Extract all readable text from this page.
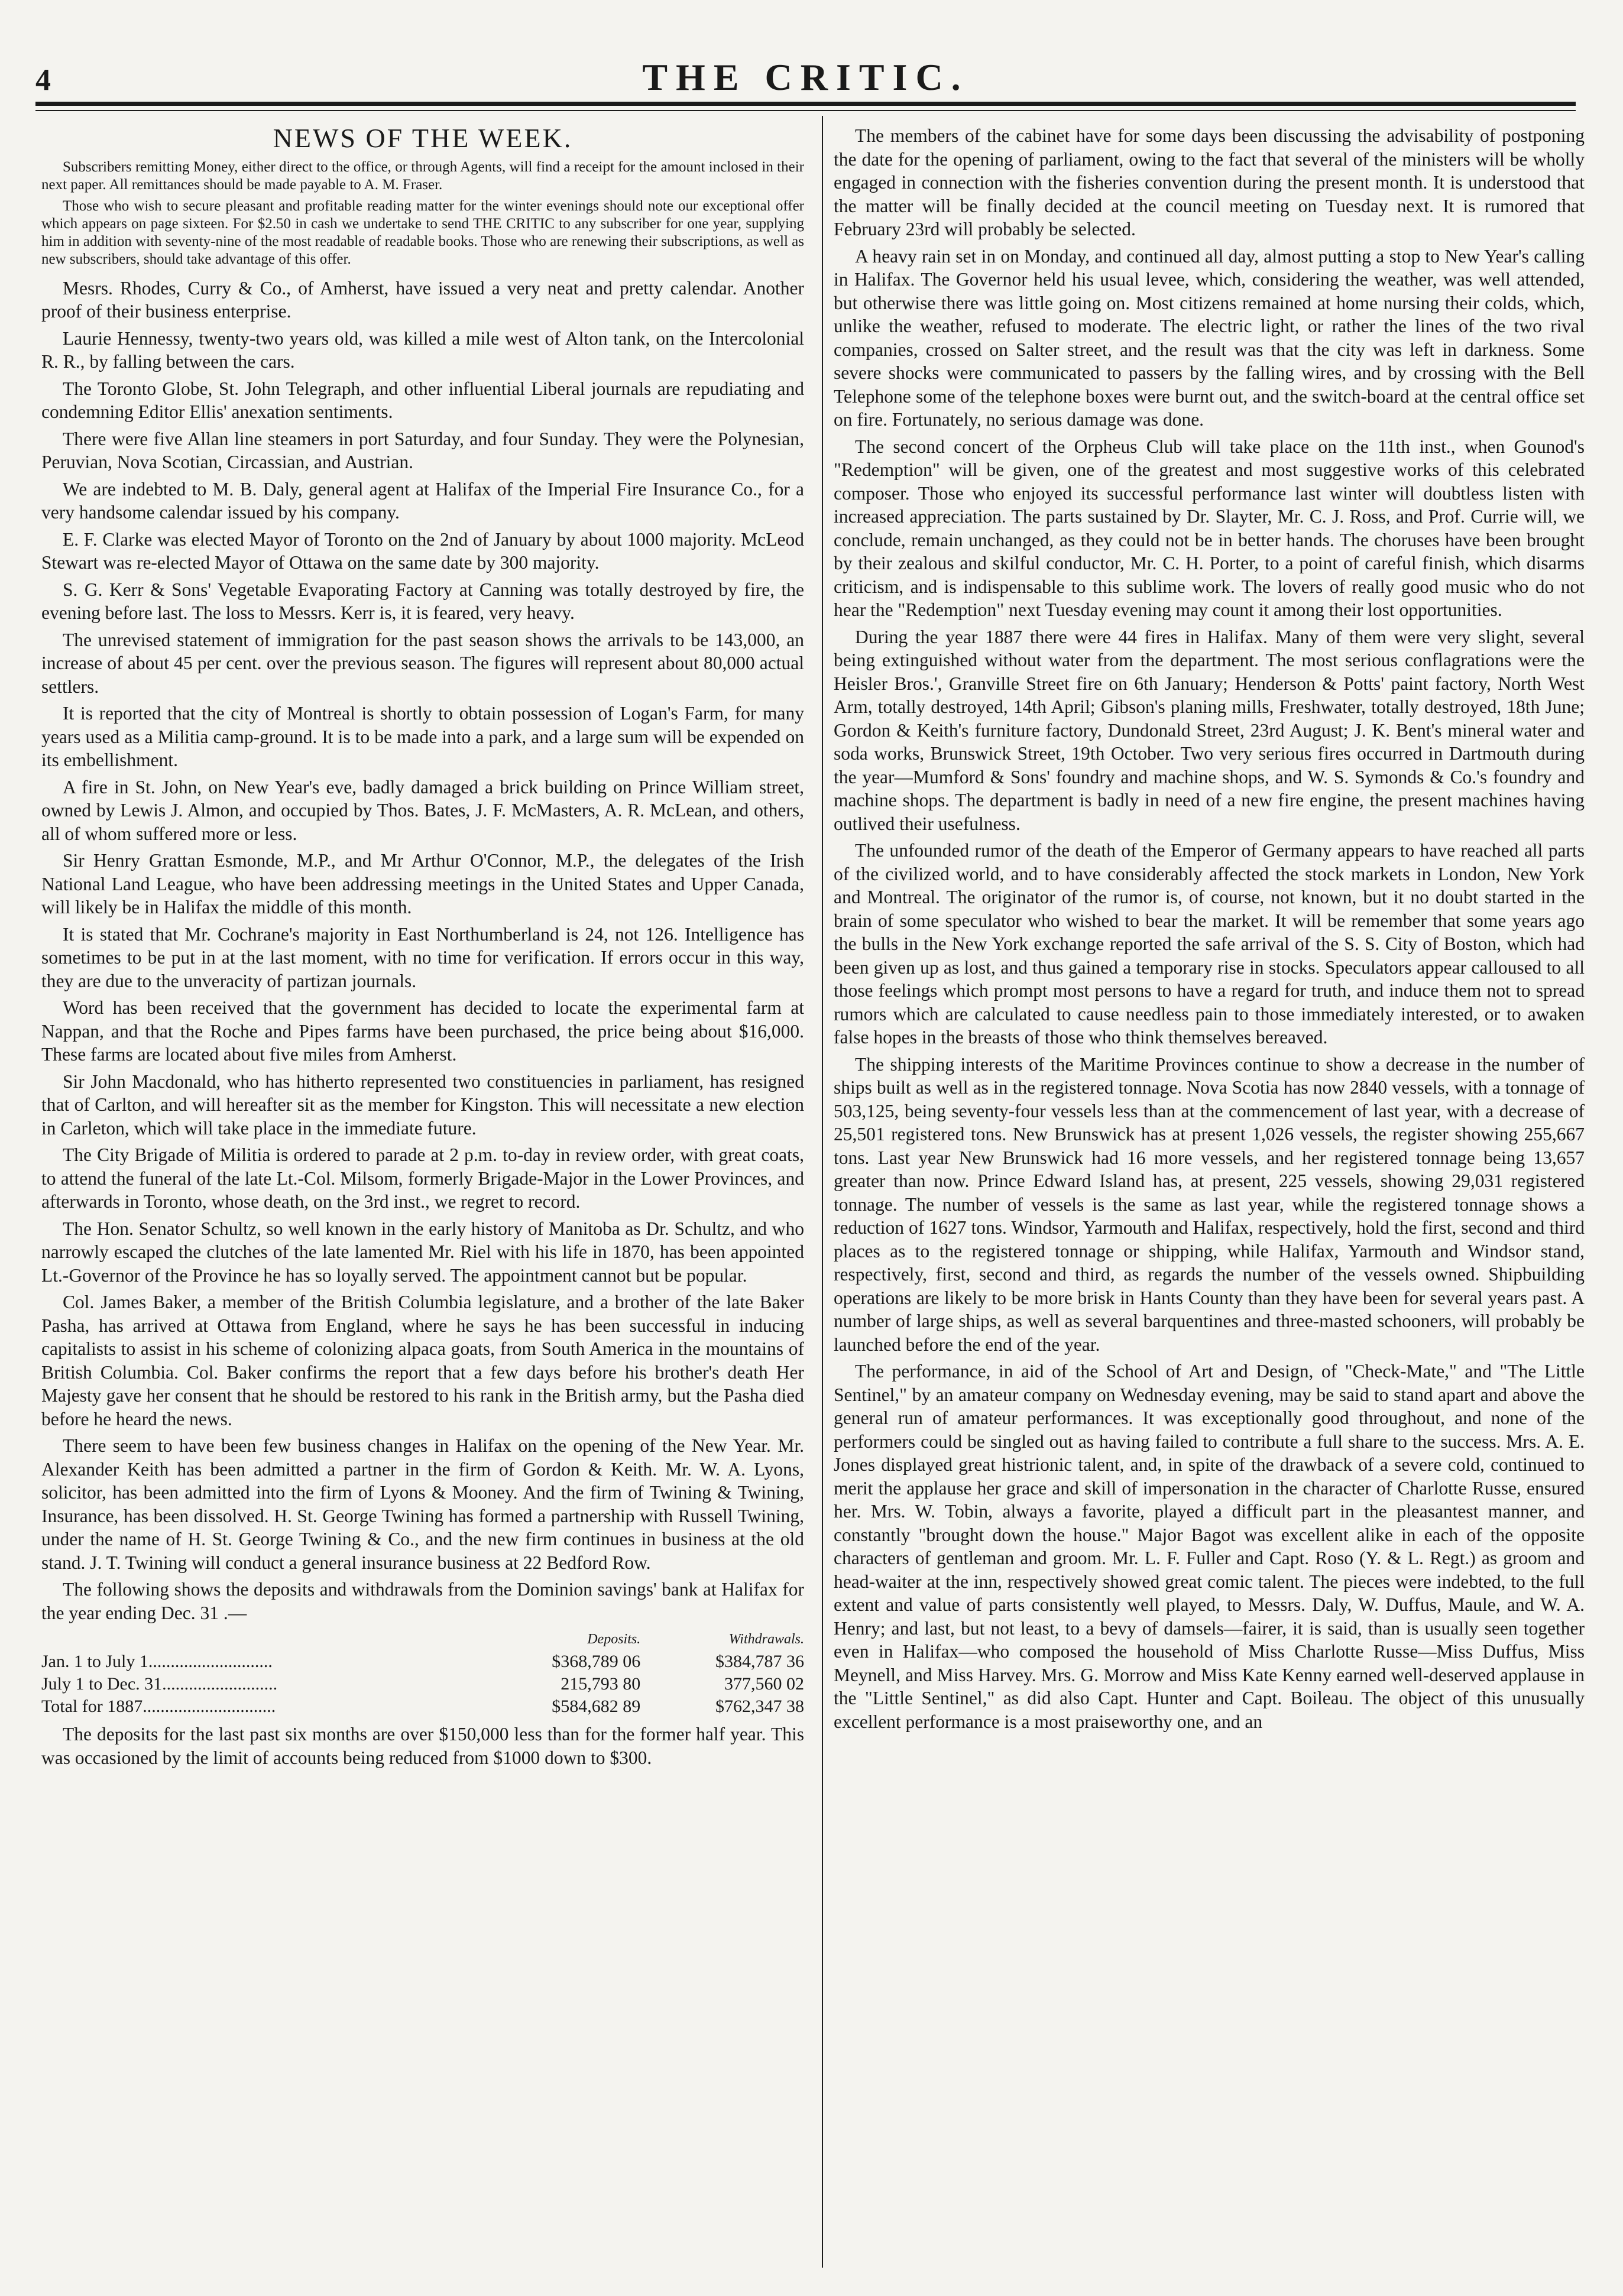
4	THE CRITIC.
NEWS OF THE WEEK.

Subscribers remitting Money, either direct to the office, or through Agents, will find a receipt for the amount inclosed in their next paper. All remittances should be made payable to A. M. Fraser.

Those who wish to secure pleasant and profitable reading matter for the winter evenings should note our exceptional offer which appears on page sixteen. For $2.50 in cash we undertake to send THE CRITIC to any subscriber for one year, supplying him in addition with seventy-nine of the most readable of readable books. Those who are renewing their subscriptions, as well as new subscribers, should take advantage of this offer.

Mesrs. Rhodes, Curry & Co., of Amherst, have issued a very neat and pretty calendar. Another proof of their business enterprise.

Laurie Hennessy, twenty-two years old, was killed a mile west of Alton tank, on the Intercolonial R. R., by falling between the cars.

The Toronto Globe, St. John Telegraph, and other influential Liberal journals are repudiating and condemning Editor Ellis' anexation sentiments.

There were five Allan line steamers in port Saturday, and four Sunday. They were the Polynesian, Peruvian, Nova Scotian, Circassian, and Austrian.

We are indebted to M. B. Daly, general agent at Halifax of the Imperial Fire Insurance Co., for a very handsome calendar issued by his company.

E. F. Clarke was elected Mayor of Toronto on the 2nd of January by about 1000 majority. McLeod Stewart was re-elected Mayor of Ottawa on the same date by 300 majority.

S. G. Kerr & Sons' Vegetable Evaporating Factory at Canning was totally destroyed by fire, the evening before last. The loss to Messrs. Kerr is, it is feared, very heavy.

The unrevised statement of immigration for the past season shows the arrivals to be 143,000, an increase of about 45 per cent. over the previous season. The figures will represent about 80,000 actual settlers.

It is reported that the city of Montreal is shortly to obtain possession of Logan's Farm, for many years used as a Militia camp-ground. It is to be made into a park, and a large sum will be expended on its embellishment.

A fire in St. John, on New Year's eve, badly damaged a brick building on Prince William street, owned by Lewis J. Almon, and occupied by Thos. Bates, J. F. McMasters, A. R. McLean, and others, all of whom suffered more or less.

Sir Henry Grattan Esmonde, M.P., and Mr Arthur O'Connor, M.P., the delegates of the Irish National Land League, who have been addressing meetings in the United States and Upper Canada, will likely be in Halifax the middle of this month.

It is stated that Mr. Cochrane's majority in East Northumberland is 24, not 126. Intelligence has sometimes to be put in at the last moment, with no time for verification. If errors occur in this way, they are due to the unveracity of partizan journals.

Word has been received that the government has decided to locate the experimental farm at Nappan, and that the Roche and Pipes farms have been purchased, the price being about $16,000. These farms are located about five miles from Amherst.

Sir John Macdonald, who has hitherto represented two constituencies in parliament, has resigned that of Carlton, and will hereafter sit as the member for Kingston. This will necessitate a new election in Carleton, which will take place in the immediate future.

The City Brigade of Militia is ordered to parade at 2 p.m. to-day in review order, with great coats, to attend the funeral of the late Lt.-Col. Milsom, formerly Brigade-Major in the Lower Provinces, and afterwards in Toronto, whose death, on the 3rd inst., we regret to record.

The Hon. Senator Schultz, so well known in the early history of Manitoba as Dr. Schultz, and who narrowly escaped the clutches of the late lamented Mr. Riel with his life in 1870, has been appointed Lt.-Governor of the Province he has so loyally served. The appointment cannot but be popular.

Col. James Baker, a member of the British Columbia legislature, and a brother of the late Baker Pasha, has arrived at Ottawa from England, where he says he has been successful in inducing capitalists to assist in his scheme of colonizing alpaca goats, from South America in the mountains of British Columbia. Col. Baker confirms the report that a few days before his brother's death Her Majesty gave her consent that he should be restored to his rank in the British army, but the Pasha died before he heard the news.

There seem to have been few business changes in Halifax on the opening of the New Year. Mr. Alexander Keith has been admitted a partner in the firm of Gordon & Keith. Mr. W. A. Lyons, solicitor, has been admitted into the firm of Lyons & Mooney. And the firm of Twining & Twining, Insurance, has been dissolved. H. St. George Twining has formed a partnership with Russell Twining, under the name of H. St. George Twining & Co., and the new firm continues in business at the old stand. J. T. Twining will conduct a general insurance business at 22 Bedford Row.

The following shows the deposits and withdrawals from the Dominion savings' bank at Halifax for the year ending Dec. 31 .—

	Deposits.	Withdrawals.
Jan. 1 to July 1............................	$368,789 06	$384,787 36
July 1 to Dec. 31..........................	215,793 80	377,560 02
Total for 1887..............................	$584,682 89	$762,347 38

The deposits for the last past six months are over $150,000 less than for the former half year. This was occasioned by the limit of accounts being reduced from $1000 down to $300.

The members of the cabinet have for some days been discussing the advisability of postponing the date for the opening of parliament, owing to the fact that several of the ministers will be wholly engaged in connection with the fisheries convention during the present month. It is understood that the matter will be finally decided at the council meeting on Tuesday next. It is rumored that February 23rd will probably be selected.

A heavy rain set in on Monday, and continued all day, almost putting a stop to New Year's calling in Halifax. The Governor held his usual levee, which, considering the weather, was well attended, but otherwise there was little going on. Most citizens remained at home nursing their colds, which, unlike the weather, refused to moderate. The electric light, or rather the lines of the two rival companies, crossed on Salter street, and the result was that the city was left in darkness. Some severe shocks were communicated to passers by the falling wires, and by crossing with the Bell Telephone some of the telephone boxes were burnt out, and the switch-board at the central office set on fire. Fortunately, no serious damage was done.

The second concert of the Orpheus Club will take place on the 11th inst., when Gounod's "Redemption" will be given, one of the greatest and most suggestive works of this celebrated composer. Those who enjoyed its successful performance last winter will doubtless listen with increased appreciation. The parts sustained by Dr. Slayter, Mr. C. J. Ross, and Prof. Currie will, we conclude, remain unchanged, as they could not be in better hands. The choruses have been brought by their zealous and skilful conductor, Mr. C. H. Porter, to a point of careful finish, which disarms criticism, and is indispensable to this sublime work. The lovers of really good music who do not hear the "Redemption" next Tuesday evening may count it among their lost opportunities.

During the year 1887 there were 44 fires in Halifax. Many of them were very slight, several being extinguished without water from the department. The most serious conflagrations were the Heisler Bros.', Granville Street fire on 6th January; Henderson & Potts' paint factory, North West Arm, totally destroyed, 14th April; Gibson's planing mills, Freshwater, totally destroyed, 18th June; Gordon & Keith's furniture factory, Dundonald Street, 23rd August; J. K. Bent's mineral water and soda works, Brunswick Street, 19th October. Two very serious fires occurred in Dartmouth during the year—Mumford & Sons' foundry and machine shops, and W. S. Symonds & Co.'s foundry and machine shops. The department is badly in need of a new fire engine, the present machines having outlived their usefulness.

The unfounded rumor of the death of the Emperor of Germany appears to have reached all parts of the civilized world, and to have considerably affected the stock markets in London, New York and Montreal. The originator of the rumor is, of course, not known, but it no doubt started in the brain of some speculator who wished to bear the market. It will be remember that some years ago the bulls in the New York exchange reported the safe arrival of the S. S. City of Boston, which had been given up as lost, and thus gained a temporary rise in stocks. Speculators appear calloused to all those feelings which prompt most persons to have a regard for truth, and induce them not to spread rumors which are calculated to cause needless pain to those immediately interested, or to awaken false hopes in the breasts of those who think themselves bereaved.

The shipping interests of the Maritime Provinces continue to show a decrease in the number of ships built as well as in the registered tonnage. Nova Scotia has now 2840 vessels, with a tonnage of 503,125, being seventy-four vessels less than at the commencement of last year, with a decrease of 25,501 registered tons. New Brunswick has at present 1,026 vessels, the register showing 255,667 tons. Last year New Brunswick had 16 more vessels, and her registered tonnage being 13,657 greater than now. Prince Edward Island has, at present, 225 vessels, showing 29,031 registered tonnage. The number of vessels is the same as last year, while the registered tonnage shows a reduction of 1627 tons. Windsor, Yarmouth and Halifax, respectively, hold the first, second and third places as to the registered tonnage or shipping, while Halifax, Yarmouth and Windsor stand, respectively, first, second and third, as regards the number of the vessels owned. Shipbuilding operations are likely to be more brisk in Hants County than they have been for several years past. A number of large ships, as well as several barquentines and three-masted schooners, will probably be launched before the end of the year.

The performance, in aid of the School of Art and Design, of "Check-Mate," and "The Little Sentinel," by an amateur company on Wednesday evening, may be said to stand apart and above the general run of amateur performances. It was exceptionally good throughout, and none of the performers could be singled out as having failed to contribute a full share to the success. Mrs. A. E. Jones displayed great histrionic talent, and, in spite of the drawback of a severe cold, continued to merit the applause her grace and skill of impersonation in the character of Charlotte Russe, ensured her. Mrs. W. Tobin, always a favorite, played a difficult part in the pleasantest manner, and constantly "brought down the house." Major Bagot was excellent alike in each of the opposite characters of gentleman and groom. Mr. L. F. Fuller and Capt. Roso (Y. & L. Regt.) as groom and head-waiter at the inn, respectively showed great comic talent. The pieces were indebted, to the full extent and value of parts consistently well played, to Messrs. Daly, W. Duffus, Maule, and W. A. Henry; and last, but not least, to a bevy of damsels—fairer, it is said, than is usually seen together even in Halifax—who composed the household of Miss Charlotte Russe—Miss Duffus, Miss Meynell, and Miss Harvey. Mrs. G. Morrow and Miss Kate Kenny earned well-deserved applause in the "Little Sentinel," as did also Capt. Hunter and Capt. Boileau. The object of this unusually excellent performance is a most praiseworthy one, and an
